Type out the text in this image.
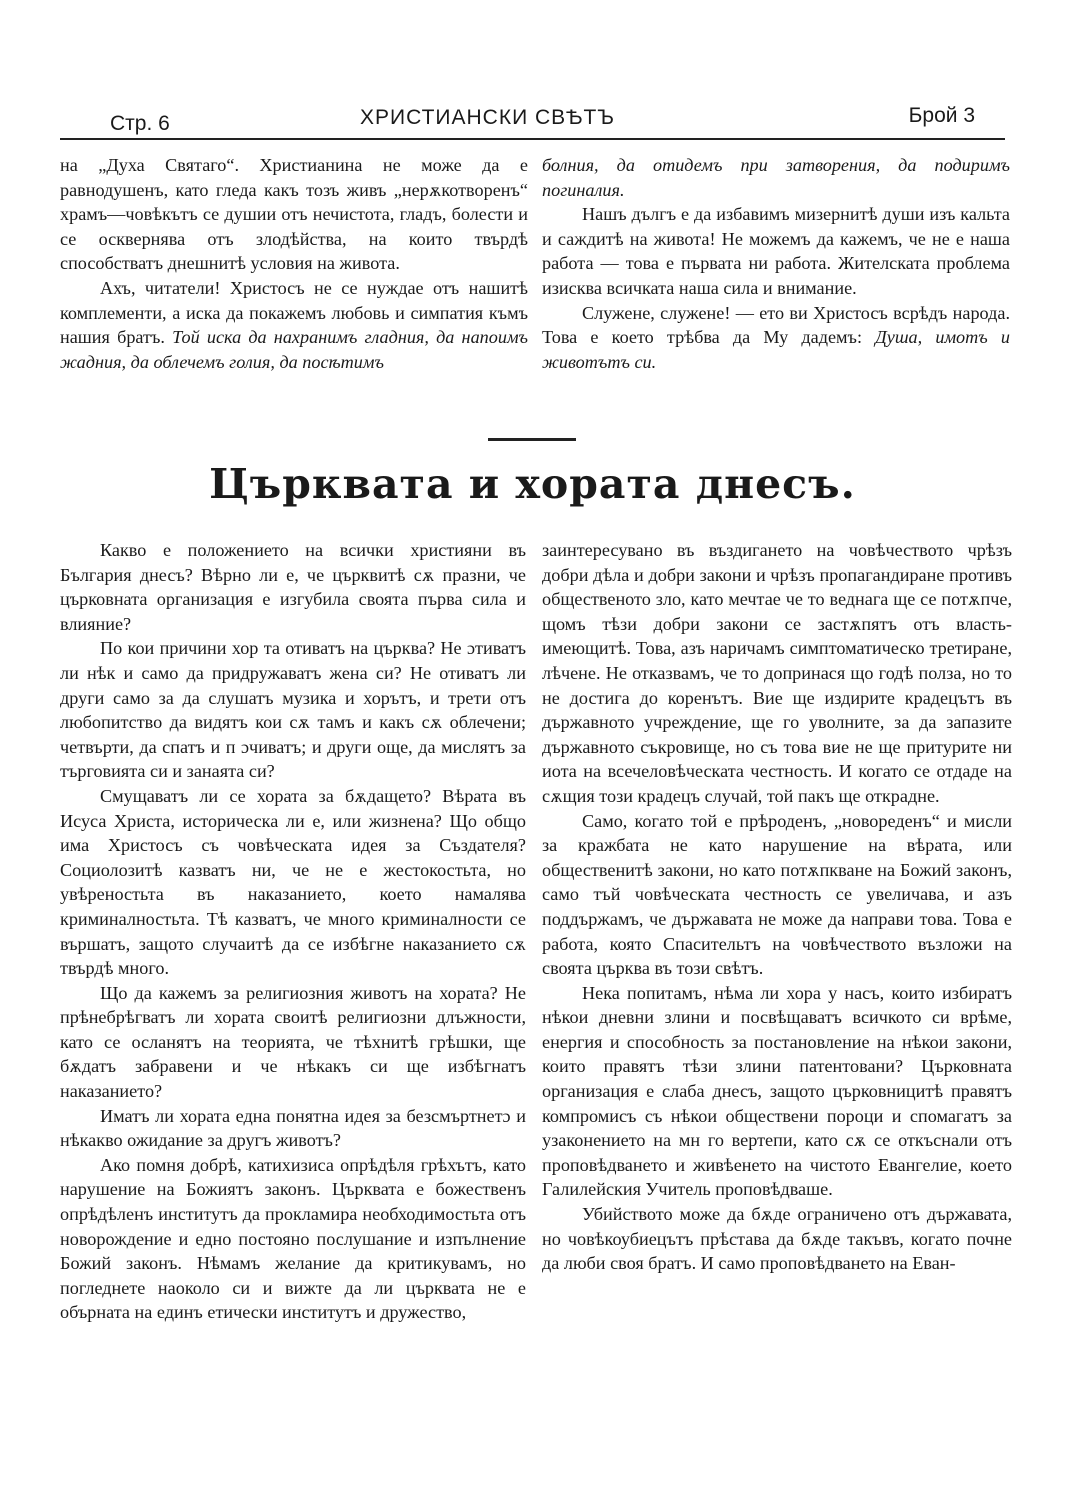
Стр. 6	ХРИСТИАНСКИ СВѢТЪ	Брой 3

на „Духа Святаго“. Христианина не може да е равнодушенъ, като гледа какъ тозъ живъ „нерѫкотворенъ“ храмъ—човѣкътъ се душии отъ нечистота, гладъ, болести и се осквернява отъ злодѣйства, на които твърдѣ способстватъ днешнитѣ условия на живота.

Ахъ, читатели! Христосъ не се нуждае отъ нашитѣ комплементи, а иска да покажемъ любовь и симпатия къмъ нашия братъ. Той иска да нахранимъ гладния, да напоимъ жадния, да облечемъ голия, да посѣтимъ

болния, да отидемъ при затворения, да подиримъ погиналия.

Нашъ дългъ е да избавимъ мизернитѣ души изъ кальта и саждитѣ на живота! Не можемъ да кажемъ, че не е наша работа — това е първата ни работа. Жителската проблема изисква всичката наша сила и внимание.

Служене, служене! — ето ви Христосъ всрѣдъ народа. Това е което трѣбва да Му дадемъ: Душа, имотъ и животътъ си.

Църквата и хората днесъ.

Какво е положението на всички християни въ България днесъ? Вѣрно ли е, че църквитѣ сѫ празни, че църковната организация е изгубила своята първа сила и влияние?

По кои причини хор та отиватъ на църква? Не ɔтиватъ ли нѣк и само да придружаватъ жена си? Не отиватъ ли други само за да слушатъ музика и хорътъ, и трети отъ любопитство да видятъ кои сѫ тамъ и какъ сѫ облечени; четвърти, да спатъ и п ɔчиватъ; и други още, да мислятъ за търговията си и занаята си?

Смущаватъ ли се хората за бѫдащето? Вѣрата въ Исуса Христа, историческа ли е, или жизнена? Що общо има Христосъ съ човѣческата идея за Създателя? Социолозитѣ казватъ ни, че не е жестокостьта, но увѣреностьта въ наказанието, което намалява криминалностьта. Тѣ казватъ, че много криминалности се вършатъ, защото случаитѣ да се избѣгне наказанието сѫ твърдѣ много.

Що да кажемъ за религиозния животъ на хората? Не прѣнебрѣгватъ ли хората своитѣ религиозни длъжности, като се осланятъ на теорията, че тѣхнитѣ грѣшки, ще бѫдатъ забравени и че нѣкакъ си ще избѣгнатъ наказанието?

Иматъ ли хората една понятна идея за безсмъртнетɔ и нѣкакво ожидание за другъ животъ?

Ако помня добрѣ, катихизиса опрѣдѣля грѣхътъ, като нарушение на Божиятъ законъ. Църквата е божественъ опрѣдѣленъ институтъ да прокламира необходимостьта отъ новорождение и едно постояно послушание и изпълнение Божий законъ. Нѣмамъ желание да критикувамъ, но погледнете наоколо си и вижте да ли църквата не е обърната на единъ етически институтъ и дружество,

заинтересувано въ въздигането на човѣчеството чрѣзъ добри дѣла и добри закони и чрѣзъ пропагандиране противъ общественото зло, като мечтае че то веднага ще се потѫпче, щомъ тѣзи добри закони се застѫпятъ отъ власть-имеющитѣ. Това, азъ наричамъ симптоматическо третиране, лѣчене. Не отказвамъ, че то допринася що годѣ полза, но то не достига до коренътъ. Вие ще издирите крадецътъ въ държавното учреждение, ще го уволните, за да запазите държавното съкровище, но съ това вие не ще притурите ни иота на всечеловѣческата честность. И когато се отдаде на сѫщия този крадецъ случай, той пакъ ще открадне.

Само, когато той е прѣроденъ, „новореденъ“ и мисли за кражбата не като нарушение на вѣрата, или общественитѣ закони, но като потѫпкване на Божий законъ, само тъй човѣческата честность се увеличава, и азъ поддържамъ, че държавата не може да направи това. Това е работа, която Спасительтъ на човѣчеството възложи на своята църква въ този свѣтъ.

Нека попитамъ, нѣма ли хора у насъ, които избиратъ нѣкои дневни злини и посвѣщаватъ всичкото си врѣме, енергия и способность за постановление на нѣкои закони, които правятъ тѣзи злини патентовани? Църковната организация е слаба днесъ, защото църковницитѣ правятъ компромисъ съ нѣкои обществени пороци и спомагатъ за узаконението на мн го вертепи, като сѫ се откъснали отъ проповѣдването и живѣенето на чистото Евангелие, което Галилейския Учитель проповѣдваше.

Убийството може да бѫде ограничено отъ държавата, но човѣкоубиецътъ прѣстава да бѫде такъвъ, когато почне да люби своя братъ. И само проповѣдването на Еван-
